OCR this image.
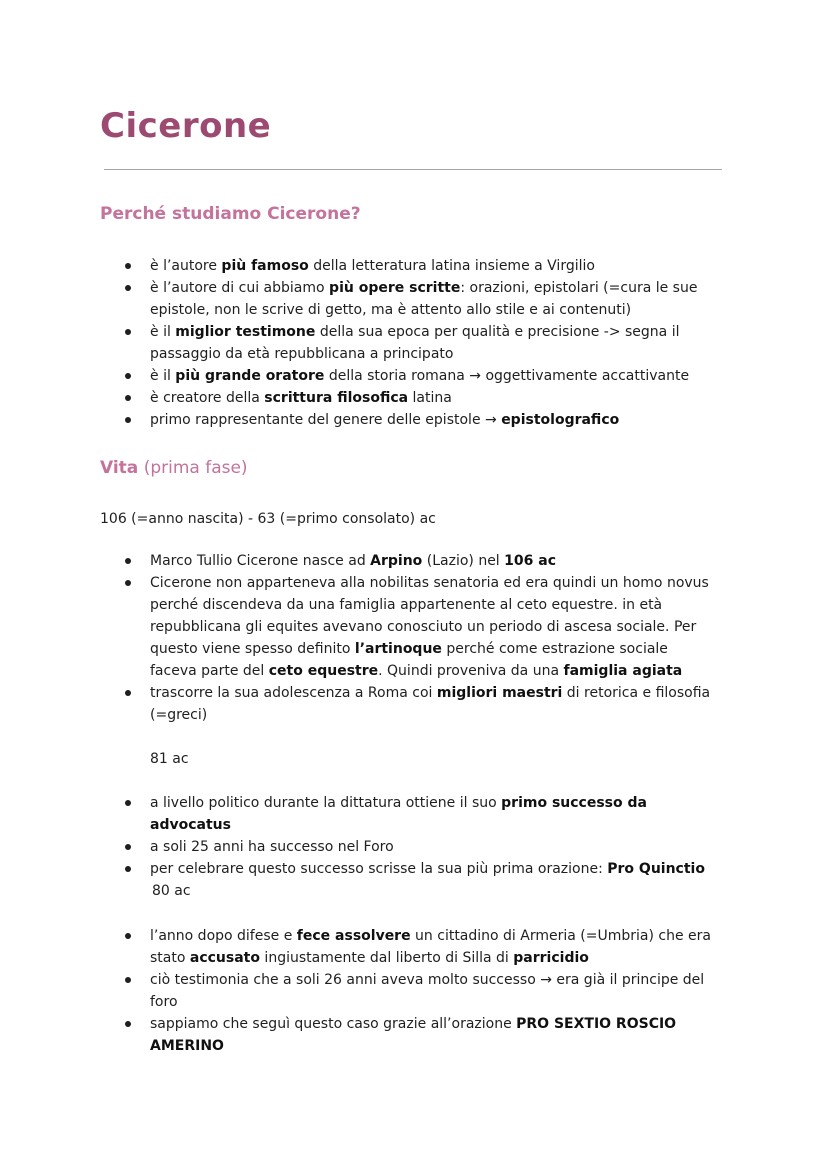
Cicerone
Perché studiamo Cicerone?
è l’autore più famoso della letteratura latina insieme a Virgilio
è l’autore di cui abbiamo più opere scritte: orazioni, epistolari (=cura le sue epistole, non le scrive di getto, ma è attento allo stile e ai contenuti)
è il miglior testimone della sua epoca per qualità e precisione -> segna il passaggio da età repubblicana a principato
è il più grande oratore della storia romana → oggettivamente accattivante
è creatore della scrittura filosofica latina
primo rappresentante del genere delle epistole → epistolografico
Vita (prima fase)

106 (=anno nascita) - 63 (=primo consolato) ac

Marco Tullio Cicerone nasce ad Arpino (Lazio) nel 106 ac
Cicerone non apparteneva alla nobilitas senatoria ed era quindi un homo novus perché discendeva da una famiglia appartenente al ceto equestre. in età repubblicana gli equites avevano conosciuto un periodo di ascesa sociale. Per questo viene spesso definito l’artinoque perché come estrazione sociale faceva parte del ceto equestre. Quindi proveniva da una famiglia agiata
trascorre la sua adolescenza a Roma coi migliori maestri di retorica e filosofia (=greci)

81 ac

a livello politico durante la dittatura ottiene il suo primo successo da advocatus
a soli 25 anni ha successo nel Foro
per celebrare questo successo scrisse la sua più prima orazione: Pro Quinctio

80 ac

l’anno dopo difese e fece assolvere un cittadino di Armeria (=Umbria) che era stato accusato ingiustamente dal liberto di Silla di parricidio
ciò testimonia che a soli 26 anni aveva molto successo → era già il principe del foro
sappiamo che seguì questo caso grazie all’orazione PRO SEXTIO ROSCIO AMERINO
